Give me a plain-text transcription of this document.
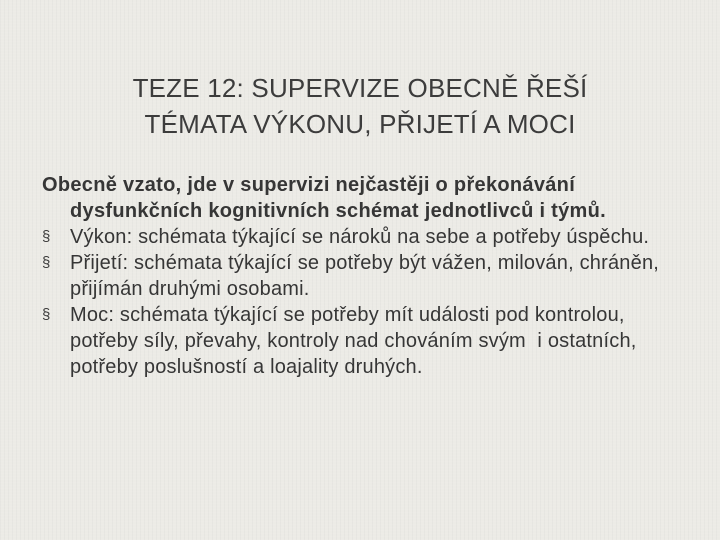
TEZE 12: SUPERVIZE OBECNĚ ŘEŠÍ
TÉMATA VÝKONU, PŘIJETÍ A MOCI

Obecně vzato, jde v supervizi nejčastěji o překonávání dysfunkčních kognitivních schémat jednotlivců i týmů.

§ Výkon: schémata týkající se nároků na sebe a potřeby úspěchu.
§ Přijetí: schémata týkající se potřeby být vážen, milován, chráněn, přijímán druhými osobami.
§ Moc: schémata týkající se potřeby mít události pod kontrolou, potřeby síly, převahy, kontroly nad chováním svým  i ostatních, potřeby poslušností a loajality druhých.
